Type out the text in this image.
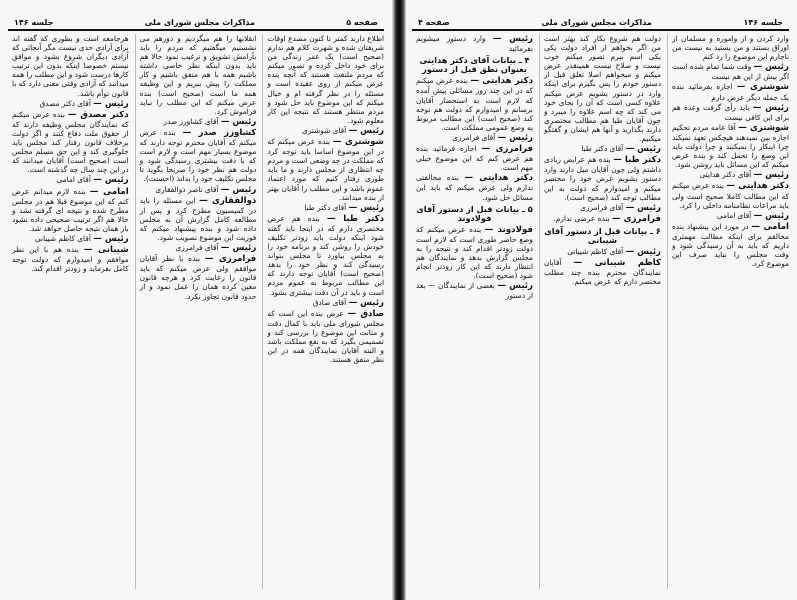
صفحه ۵
مذاکرات مجلس شورای ملی
جلسه ۱۴۶

اطلاع دارند کمتر تا کنون مصدع اوقات شریفتان شده و شهرت کلام هم ندارم (صحیح است) یک عمر زندگی من برای خود داخل کرده و تصور میکنم که مردم ملتفت هستند که آنچه بنده عرض میکنم از روی عقیده است و مسئله را در نظر گرفته ام و خیال میکنم که این موضوع باید حل شود و مردم منتظر هستند که نتیجه این کار معلوم شود.

رئیس — آقای شوشتری

شوشتری — بنده عرض میکنم که در این موضوع اساسا باید توجه کرد که مملکت در چه وضعی است و مردم چه انتظاری از مجلس دارند و ما باید طوری رفتار کنیم که مورد اعتماد عموم باشد و این مطلب را آقایان بهتر از بنده میدانند.

رئیس — آقای دکتر طبا

دکتر طبا — بنده هم عرض مختصری دارم که در اینجا باید گفته شود اینکه دولت باید زودتر تکلیف خودش را روشن کند و برنامه خود را به مجلس بیاورد تا مجلس بتواند رسیدگی کند و نظر خود را بدهد (صحیح است) آقایان توجه دارند که این مطالب مربوط به عموم مردم است و باید در آن دقت بیشتری بشود.

رئیس — آقای صادق

صادق — عرض بنده این است که مجلس شورای ملی باید با کمال دقت و متانت این موضوع را بررسی کند و تصمیمی بگیرد که به نفع مملکت باشد و البته آقایان نمایندگان همه در این نظر متفق هستند.

انقلابها را هم میگردیم و دورهم می نشستیم میگفتیم که مردم را باید بآرامش تشویق و ترغیب نمود حالا هم باید بدون اینکه نظر خاصی داشته باشیم همه با هم متفق باشیم و کار مملکت را پیش ببریم و این وظیفه همه ما است (صحیح است) بنده عرض میکنم که این مطلب را نباید فراموش کرد.

رئیس — آقای کشاورز صدر

کشاورز صدر — بنده عرض میکنم که آقایان محترم توجه دارند که موضوع بسیار مهم است و لازم است که با دقت بیشتری رسیدگی شود و دولت هم نظر خود را صریحا بگوید تا مجلس تکلیف خود را بداند (احسنت).

رئیس — آقای ناصر ذوالفقاری

ذوالفقاری — این مسئله را باید در کمیسیون مطرح کرد و پس از مطالعه کامل گزارش آن به مجلس داده شود و بنده پیشنهاد میکنم که فوریت این موضوع تصویب شود.

رئیس — آقای فرامرزی

فرامرزی — بنده با نظر آقایان موافقم ولی عرض میکنم که باید قانون را رعایت کرد و هرچه قانون معین کرده همان را عمل نمود و از حدود قانون تجاوز نکرد.

هرجامعه است و بطوری که گفته اند برای آزادی حدی نیست مگر آنجائی که آزادی دیگران شروع بشود و موافق نیستم خصوصا اینکه بدون این ترتیب کارها درست شود و این مطلب را همه میدانند که آزادی وقتی معنی دارد که با قانون توأم باشد.

رئیس — آقای دکتر مصدق

دکتر مصدق — بنده عرض میکنم که نمایندگان مجلس وظیفه دارند که از حقوق ملت دفاع کنند و اگر دولت برخلاف قانون رفتار کند مجلس باید جلوگیری کند و این حق مسلم مجلس است (صحیح است) آقایان میدانند که در این چند سال چه گذشته است.

رئیس — آقای امامی

امامی — بنده لازم میدانم عرض کنم که این موضوع قبلا هم در مجلس مطرح شده و نتیجه ای گرفته نشد و حالا هم اگر ترتیب صحیحی داده نشود باز همان نتیجه حاصل خواهد شد.

رئیس — آقای کاظم شیبانی

شیبانی — بنده هم با این نظر موافقم و امیدوارم که دولت توجه کامل بفرماید و زودتر اقدام کند.

جلسه ۱۴۶
مذاکرات مجلس شورای ملی
صفحه ۴

وارد کردن و از واموره و مسلمان از اوراق بستند و من یستید به نیست من ناچارم این موضوع را رد کنم

رئیس — وقت شما تمام شده است اگر بیش از این هم نیست

شوشتری — اجازه بفرمائید بنده یک جمله دیگر عرض دارم

رئیس — باید رأی گرفت وعده هم برای این کافی نیست

شوشتری — آقا عامه مردم تحکیم اجازه بین نمیدهند هیچکس تعهد نمیکند چرا اینکار را نمیکنند و چرا دولت باید این وضع را تحمل کند و بنده عرض میکنم که این مسائل باید روشن شود.

رئیس — آقای دکتر هدایتی

دکتر هدایتی — بنده عرض میکنم که این مطالب کاملا صحیح است ولی باید مراعات نظامنامه داخلی را کرد.

رئیس — آقای امامی

امامی — در مورد این پیشنهاد بنده مخالفم برای اینکه مطالب مهمتری داریم که باید به آن رسیدگی شود و وقت مجلس را نباید صرف این موضوع کرد.

دولت هم شروع بکار کند بهتر است من اگر بخواهم از افراد دولت یکی یکی اسم ببرم تصور میکنم خوب نیست و صلاح نیست همینقدر عرض میکنم و میخواهم اصلا تعلق قبل از دستور خودم را پس بگیرم برای اینکه وارد در دستور بشویم عرض میکنم علاوه کسی است که آن را بجای خود می کند که چه اسم علاوه را میبرد و چون آقایان طبا هم مطالب مختصری دارند بگذارید و آنها هم ایشان و گفتگو میکنیم.

رئیس — آقای دکتر طبا

دکتر طبا — بنده هم عرایض زیادی داشتم ولی چون آقایان میل دارند وارد دستور بشویم عرض خود را مختصر میکنم و امیدوارم که دولت به این مطالب توجه کند (صحیح است).

رئیس — آقای فرامرزی

فرامرزی — بنده عرضی ندارم.

۶ ـ بیانات قبل از دستور آقای شیبانی

رئیس — آقای کاظم شیبانی

کاظم شیبانی — آقایان نمایندگان محترم بنده چند مطلب مختصر دارم که عرض میکنم.

رئیس — وارد دستور میشویم بفرمائید

۴ ـ بیانات آقای دکتر هدایتی بعنوان نطق قبل از دستور

دکتر هدایتی — بنده عرض میکنم که در این چند روز مسائلی پیش آمده که لازم است به استحضار آقایان برسانم و امیدوارم که دولت هم توجه کند (صحیح است) این مطالب مربوط به وضع عمومی مملکت است.

رئیس — آقای فرامرزی

فرامرزی — اجازه فرمائید بنده هم عرض کنم که این موضوع خیلی مهم است.

دکتر هدایتی — بنده مخالفتی ندارم ولی عرض میکنم که باید این مسائل حل شود.

۵ ـ بیانات قبل از دستور آقای فولادوند

فولادوند — بنده عرض میکنم که وضع حاضر طوری است که لازم است دولت زودتر اقدام کند و نتیجه را به مجلس گزارش بدهد و نمایندگان هم انتظار دارند که این کار زودتر انجام شود (صحیح است).

رئیس — بعضی از نمایندگان — بعد از دستور
